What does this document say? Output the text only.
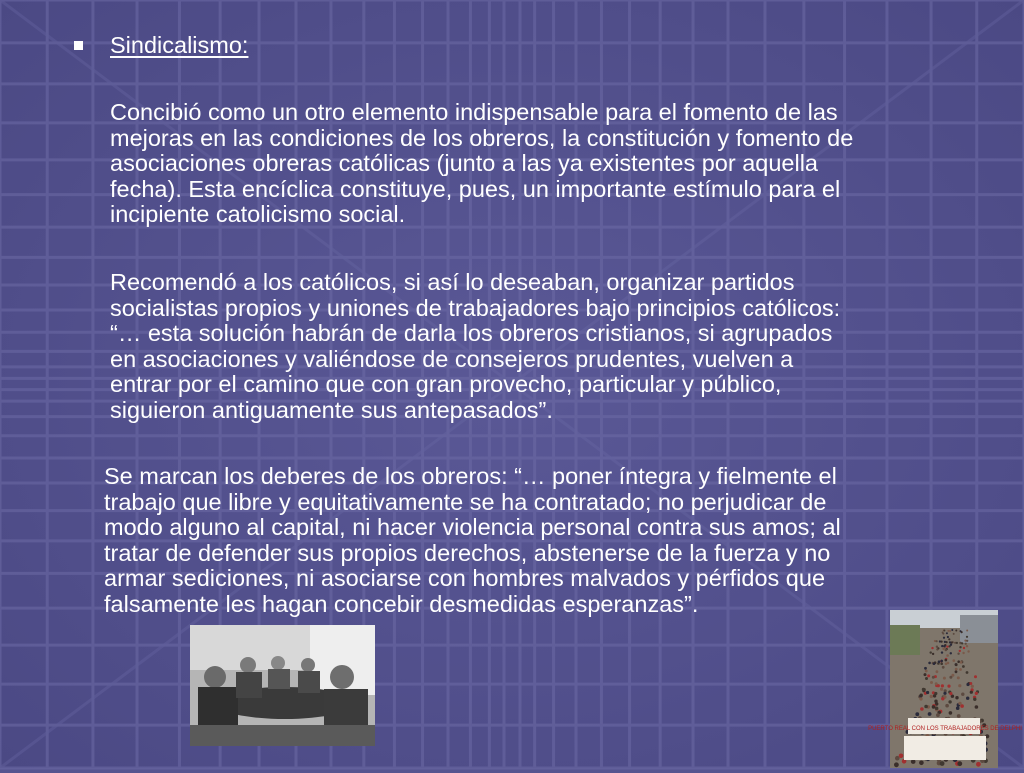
Sindicalismo:

Concibió como un otro elemento indispensable para el fomento de las
mejoras en las condiciones de los obreros, la constitución y fomento de
asociaciones obreras católicas (junto a las ya existentes por aquella
fecha). Esta encíclica constituye, pues, un importante estímulo para el
incipiente catolicismo social.

Recomendó a los católicos, si así lo deseaban, organizar partidos
socialistas propios y uniones de trabajadores bajo principios católicos:
“… esta solución habrán de darla los obreros cristianos, si agrupados
en asociaciones y valiéndose de consejeros prudentes, vuelven a
entrar por el camino que con gran provecho, particular y público,
siguieron antiguamente sus antepasados”.

Se marcan los deberes de los obreros: “… poner íntegra y fielmente el
trabajo que libre y equitativamente se ha contratado; no perjudicar de
modo alguno al capital, ni hacer violencia personal contra sus amos; al
tratar de defender sus propios derechos, abstenerse de la fuerza y no
armar sediciones, ni asociarse con hombres malvados y pérfidos que
falsamente les hagan concebir desmedidas esperanzas”.

PUERTO REAL CON LOS TRABAJADORES DE DELPHI
